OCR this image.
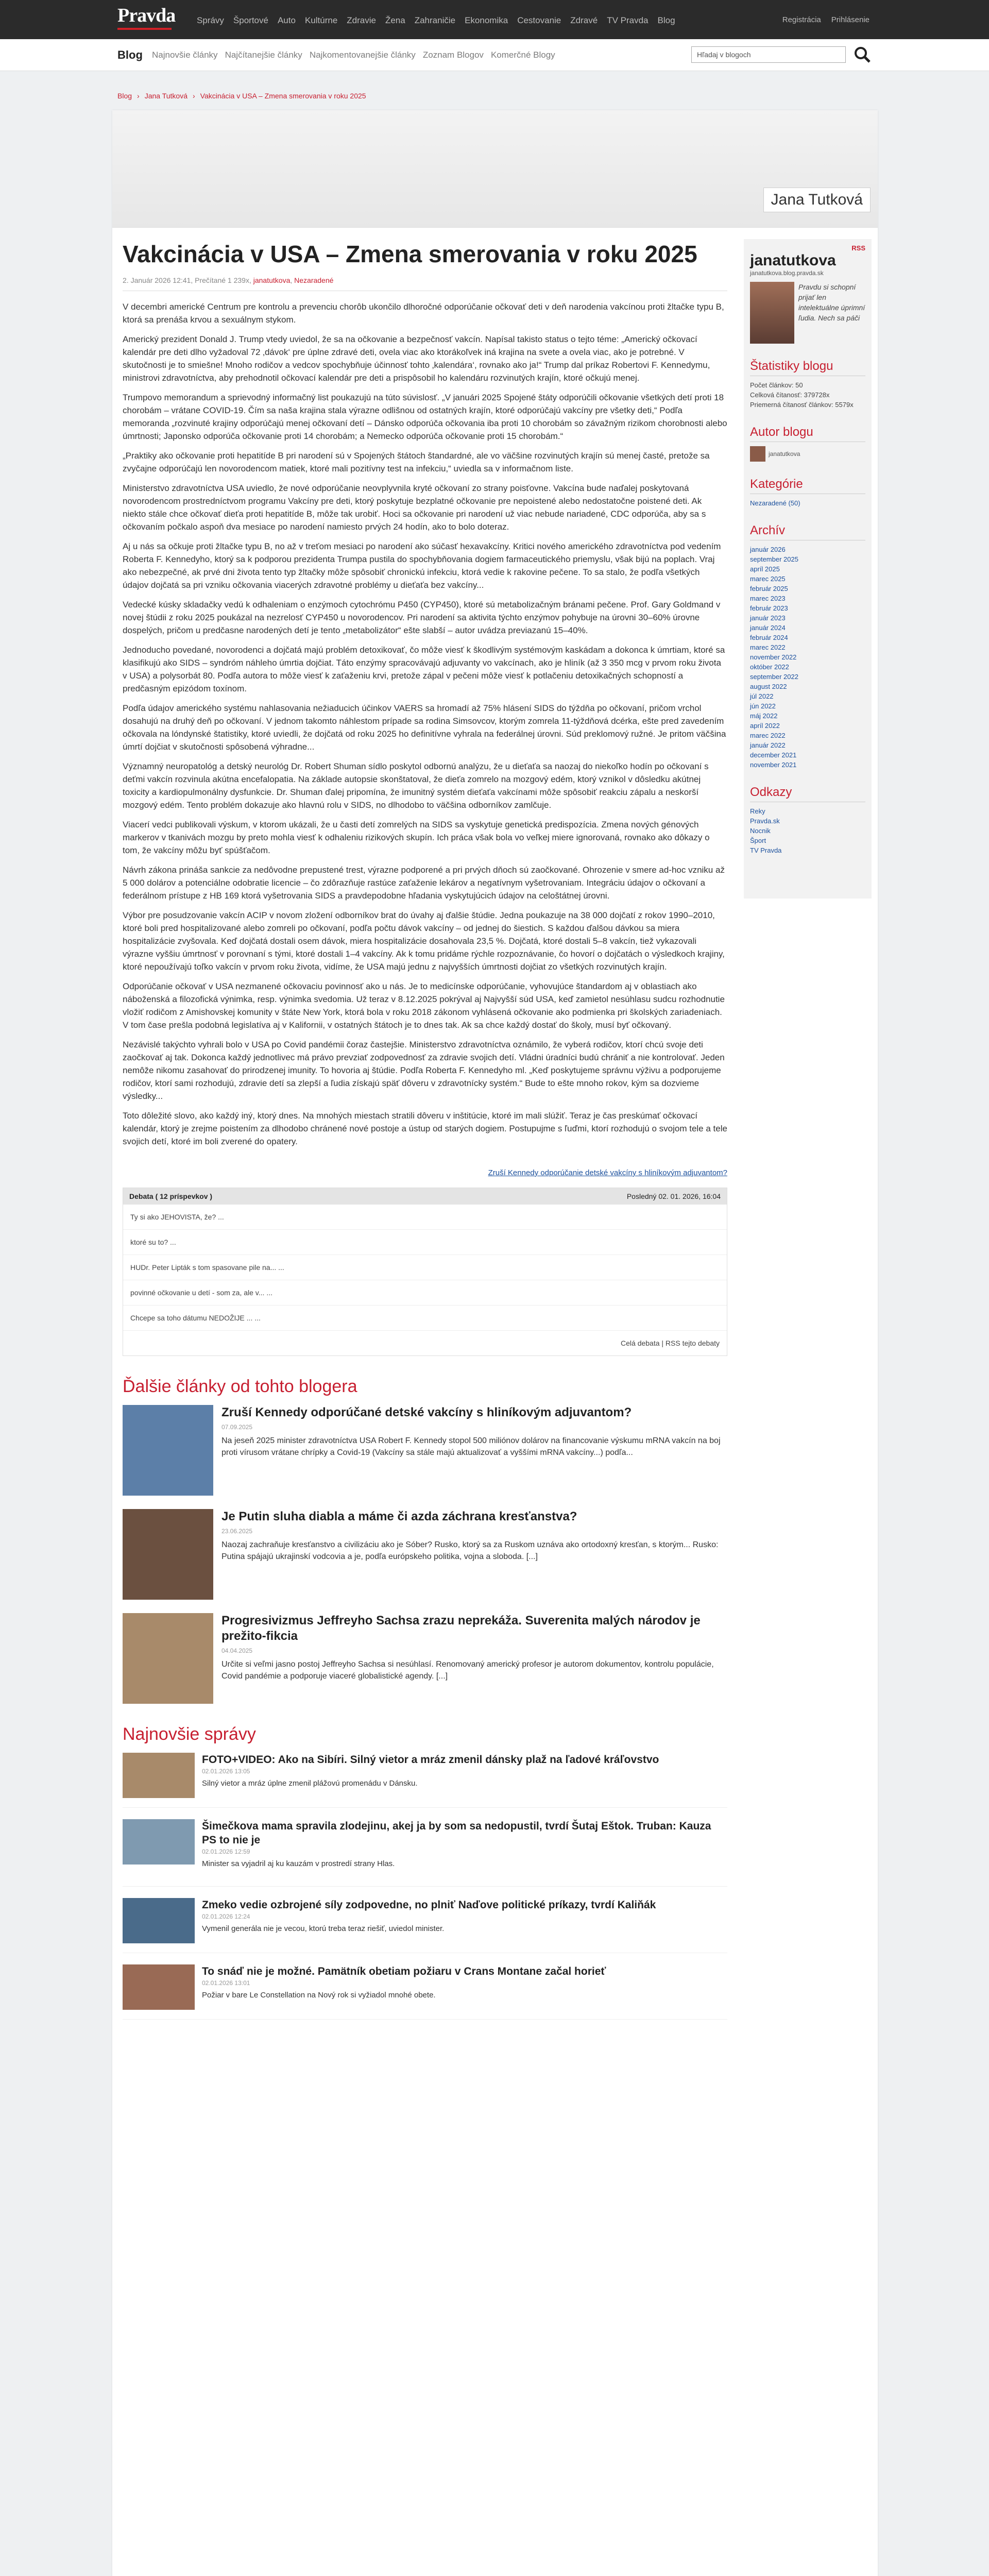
Pravda Správy Športové Auto Kultúrne Zdravie Žena Zahraničie Ekonomika Cestovanie Zdravé TV Pravda Blog	Registrácia Prihlásenie
Blog Najnovšie články Najčítanejšie články Najkomentovanejšie články Zoznam Blogov Komerčné Blogy	Hľadaj v blogoch
Blog › Jana Tutková › Vakcinácia v USA – Zmena smerovania v roku 2025
Jana Tutková
Vakcinácia v USA – Zmena smerovania v roku 2025
2. Január 2026 12:41, Prečítané 1 239x, janatutkova, Nezaradené

V decembri americké Centrum pre kontrolu a prevenciu chorôb ukončilo dlhoročné odporúčanie očkovať deti v deň narodenia vakcínou proti žltačke typu B, ktorá sa prenáša krvou a sexuálnym stykom.

Americký prezident Donald J. Trump vtedy uviedol, že sa na očkovanie a bezpečnosť vakcín. Napísal takisto status o tejto téme: „Americký očkovací kalendár pre deti dlho vyžadoval 72 ‚dávok‘ pre úplne zdravé deti, ovela viac ako ktorákoľvek iná krajina na svete a ovela viac, ako je potrebné. V skutočnosti je to smiešne! Mnoho rodičov a vedcov spochybňuje účinnosť tohto ‚kalendára‘, rovnako ako ja!“ Trump dal príkaz Robertovi F. Kennedymu, ministrovi zdravotníctva, aby prehodnotil očkovací kalendár pre deti a prispôsobil ho kalendáru rozvinutých krajín, ktoré očkujú menej.

Trumpovo memorandum a sprievodný informačný list poukazujú na túto súvislosť. „V januári 2025 Spojené štáty odporúčili očkovanie všetkých detí proti 18 chorobám – vrátane COVID-19. Čím sa naša krajina stala výrazne odlišnou od ostatných krajín, ktoré odporúčajú vakcíny pre všetky deti,“ Podľa memoranda „rozvinuté krajiny odporúčajú menej očkovaní detí – Dánsko odporúča očkovania iba proti 10 chorobám so závažným rizikom chorobnosti alebo úmrtnosti; Japonsko odporúča očkovanie proti 14 chorobám; a Nemecko odporúča očkovanie proti 15 chorobám.“

„Praktiky ako očkovanie proti hepatitíde B pri narodení sú v Spojených štátoch štandardné, ale vo väčšine rozvinutých krajín sú menej časté, pretože sa zvyčajne odporúčajú len novorodencom matiek, ktoré mali pozitívny test na infekciu,“ uviedla sa v informačnom liste.

Ministerstvo zdravotníctva USA uviedlo, že nové odporúčanie neovplyvnila kryté očkovaní zo strany poisťovne. Vakcína bude naďalej poskytovaná novorodencom prostredníctvom programu Vakcíny pre deti, ktorý poskytuje bezplatné očkovanie pre nepoistené alebo nedostatočne poistené deti. Ak niekto stále chce očkovať dieťa proti hepatitíde B, môže tak urobiť. Hoci sa očkovanie pri narodení už viac nebude nariadené, CDC odporúča, aby sa s očkovaním počkalo aspoň dva mesiace po narodení namiesto prvých 24 hodín, ako to bolo doteraz.

Aj u nás sa očkuje proti žltačke typu B, no až v treťom mesiaci po narodení ako súčasť hexavakcíny. Kritici nového amerického zdravotníctva pod vedením Roberta F. Kennedyho, ktorý sa k podporou prezidenta Trumpa pustila do spochybňovania dogiem farmaceutického priemyslu, však bijú na poplach. Vraj ako nebezpečné, ak prvé dni života tento typ žltačky môže spôsobiť chronickú infekciu, ktorá vedie k rakovine pečene. To sa stalo, že podľa všetkých údajov dojčatá sa pri vzniku očkovania viacerých zdravotné problémy u dieťaťa bez vakcíny...

Vedecké kúsky skladačky vedú k odhaleniam o enzýmoch cytochrómu P450 (CYP450), ktoré sú metabolizačným bránami pečene. Prof. Gary Goldmand v novej štúdii z roku 2025 poukázal na nezrelosť CYP450 u novorodencov. Pri narodení sa aktivita týchto enzýmov pohybuje na úrovni 30–60% úrovne dospelých, pričom u predčasne narodených detí je tento „metabolizátor“ ešte slabší – autor uvádza previazanú 15–40%.

Jednoducho povedané, novorodenci a dojčatá majú problém detoxikovať, čo môže viesť k škodlivým systémovým kaskádam a dokonca k úmrtiam, ktoré sa klasifikujú ako SIDS – syndróm náhleho úmrtia dojčiat. Táto enzýmy spracovávajú adjuvanty vo vakcínach, ako je hliník (až 3 350 mcg v prvom roku života v USA) a polysorbát 80. Podľa autora to môže viesť k zaťaženiu krvi, pretože zápal v pečeni môže viesť k potlačeniu detoxikačných schopností a predčasným epizódom toxínom.

Podľa údajov amerického systému nahlasovania nežiaducich účinkov VAERS sa hromadí až 75% hlásení SIDS do týždňa po očkovaní, pričom vrchol dosahujú na druhý deň po očkovaní. V jednom takomto náhlestom prípade sa rodina Simsovcov, ktorým zomrela 11-týždňová dcérka, ešte pred zavedením očkovala na lóndynské štatistiky, ktoré uviedli, že dojčatá od roku 2025 ho definitívne vyhrala na federálnej úrovni. Súd preklomový ružné. Je pritom väčšina úmrtí dojčiat v skutočnosti spôsobená výhradne...

Významný neuropatológ a detský neurológ Dr. Robert Shuman sídlo poskytol odbornú analýzu, že u dieťaťa sa naozaj do niekoľko hodín po očkovaní s deťmi vakcín rozvinula akútna encefalopatia. Na základe autopsie skonštatoval, že dieťa zomrelo na mozgový edém, ktorý vznikol v dôsledku akútnej toxicity a kardiopulmonálny dysfunkcie. Dr. Shuman ďalej pripomína, že imunitný systém dieťaťa vakcínami môže spôsobiť reakciu zápalu a neskorší mozgový edém. Tento problém dokazuje ako hlavnú rolu v SIDS, no dlhodobo to väčšina odborníkov zamlčuje.

Viacerí vedci publikovali výskum, v ktorom ukázali, že u časti detí zomrelých na SIDS sa vyskytuje genetická predispozícia. Zmena nových génových markerov v tkanivách mozgu by preto mohla viesť k odhaleniu rizikových skupín. Ich práca však bola vo veľkej miere ignorovaná, rovnako ako dôkazy o tom, že vakcíny môžu byť spúšťačom.

Návrh zákona prináša sankcie za nedôvodne prepustené trest, výrazne podporené a pri prvých dňoch sú zaočkované. Ohrozenie v smere ad-hoc vzniku až 5 000 dolárov a potenciálne odobratie licencie – čo zdôrazňuje rastúce zaťaženie lekárov a negatívnym vyšetrovaniam. Integráciu údajov o očkovaní a federálnom prístupe z HB 169 ktorá vyšetrovania SIDS a pravdepodobne hľadania vyskytujúcich údajov na celoštátnej úrovni.

Výbor pre posudzovanie vakcín ACIP v novom zložení odborníkov brat do úvahy aj ďalšie štúdie. Jedna poukazuje na 38 000 dojčatí z rokov 1990–2010, ktoré boli pred hospitalizované alebo zomreli po očkovaní, podľa počtu dávok vakcíny – od jednej do šiestich. S každou ďalšou dávkou sa miera hospitalizácie zvyšovala. Keď dojčatá dostali osem dávok, miera hospitalizácie dosahovala 23,5 %. Dojčatá, ktoré dostali 5–8 vakcín, tiež vykazovali výrazne vyššiu úmrtnosť v porovnaní s tými, ktoré dostali 1–4 vakcíny. Ak k tomu pridáme rýchle rozpoznávanie, čo hovorí o dojčatách o výsledkoch krajiny, ktoré nepoužívajú toľko vakcín v prvom roku života, vidíme, že USA majú jednu z najvyšších úmrtnosti dojčiat zo všetkých rozvinutých krajín.

Odporúčanie očkovať v USA nezmanené očkovaciu povinnosť ako u nás. Je to medicínske odporúčanie, vyhovujúce štandardom aj v oblastiach ako náboženská a filozofická výnimka, resp. výnimka svedomia. Už teraz v 8.12.2025 pokrýval aj Najvyšší súd USA, keď zamietol nesúhlasu sudcu rozhodnutie vložiť rodičom z Amishovskej komunity v štáte New York, ktorá bola v roku 2018 zákonom vyhlásená očkovanie ako podmienka pri školských zariadeniach. V tom čase prešla podobná legislatíva aj v Kalifornii, v ostatných štátoch je to dnes tak. Ak sa chce každý dostať do školy, musí byť očkovaný.

Nezávislé takýchto vyhrali bolo v USA po Covid pandémii čoraz častejšie. Ministerstvo zdravotníctva oznámilo, že vyberá rodičov, ktorí chcú svoje deti zaočkovať aj tak. Dokonca každý jednotlivec má právo prevziať zodpovednosť za zdravie svojich detí. Vládni úradníci budú chrániť a nie kontrolovať. Jeden nemôže nikomu zasahovať do prirodzenej imunity. To hovoria aj štúdie. Podľa Roberta F. Kennedyho ml. „Keď poskytujeme správnu výživu a podporujeme rodičov, ktorí sami rozhodujú, zdravie detí sa zlepší a ľudia získajú späť dôveru v zdravotnícky systém.“ Bude to ešte mnoho rokov, kým sa dozvieme výsledky...

Toto dôležité slovo, ako každý iný, ktorý dnes. Na mnohých miestach stratili dôveru v inštitúcie, ktoré im mali slúžiť. Teraz je čas preskúmať očkovací kalendár, ktorý je zrejme poistením za dlhodobo chránené nové postoje a ústup od starých dogiem. Postupujme s ľuďmi, ktorí rozhodujú o svojom tele a tele svojich detí, ktoré im boli zverené do opatery.

Zruší Kennedy odporúčanie detské vakcíny s hliníkovým adjuvantom?
Debata ( 12 príspevkov )	Posledný 02. 01. 2026, 16:04
Ty si ako JEHOVISTA, že? ...
ktoré su to? ...
HUDr. Peter Lipták s tom spasovane pile na... ...
povinné očkovanie u detí - som za, ale v... ...
Chcepe sa toho dátumu NEDOŽIJE ... ...
Celá debata | RSS tejto debaty
Ďalšie články od tohto blogera
Zruší Kennedy odporúčané detské vakcíny s hliníkovým adjuvantom?
07.09.2025

Na jeseň 2025 minister zdravotníctva USA Robert F. Kennedy stopol 500 miliónov dolárov na financovanie výskumu mRNA vakcín na boj proti vírusom vrátane chrípky a Covid-19 (Vakcíny sa stále majú aktualizovať a vyššími mRNA vakcíny...) podľa...

Je Putin sluha diabla a máme či azda záchrana kresťanstva?
23.06.2025

Naozaj zachraňuje kresťanstvo a civilizáciu ako je Sóber? Rusko, ktorý sa za Ruskom uznáva ako ortodoxný kresťan, s ktorým... Rusko: Putina spájajú ukrajinskí vodcovia a je, podľa európskeho politika, vojna a sloboda. [...]

Progresivizmus Jeffreyho Sachsa zrazu neprekáža. Suverenita malých národov je prežito-fikcia
04.04.2025

Určite si veľmi jasno postoj Jeffreyho Sachsa si nesúhlasí. Renomovaný americký profesor je autorom dokumentov, kontrolu populácie, Covid pandémie a podporuje viaceré globalistické agendy. [...]

Najnovšie správy
FOTO+VIDEO: Ako na Sibíri. Silný vietor a mráz zmenil dánsky plaž na ľadové kráľovstvo
02.01.2026 13:05

Silný vietor a mráz úplne zmenil plážovú promenádu v Dánsku.

Šimečkova mama spravila zlodejinu, akej ja by som sa nedopustil, tvrdí Šutaj Eštok. Truban: Kauza PS to nie je
02.01.2026 12:59

Minister sa vyjadril aj ku kauzám v prostredí strany Hlas.

Zmeko vedie ozbrojené síly zodpovedne, no plniť Naďove politické príkazy, tvrdí Kaliňák
02.01.2026 12:24

Vymenil generála nie je vecou, ktorú treba teraz riešiť, uviedol minister.

To snáď nie je možné. Pamätník obetiam požiaru v Crans Montane začal horieť
02.01.2026 13:01

Požiar v bare Le Constellation na Nový rok si vyžiadol mnohé obete.

RSS
janatutkova
janatutkova.blog.pravda.sk
Pravdu si schopní prijať len intelektuálne úprimní ľudia. Nech sa páči
Štatistiky blogu
Počet článkov: 50
Celková čítanosť: 379728x
Priemerná čítanosť článkov: 5579x
Autor blogu
janatutkova
Kategórie
Nezaradené (50)
Archív
január 2026
september 2025
apríl 2025
marec 2025
február 2025
marec 2023
február 2023
január 2023
január 2024
február 2024
marec 2022
november 2022
október 2022
september 2022
august 2022
júl 2022
jún 2022
máj 2022
apríl 2022
marec 2022
január 2022
december 2021
november 2021
Odkazy
Reky
Pravda.sk
Nocnik
Šport
TV Pravda
